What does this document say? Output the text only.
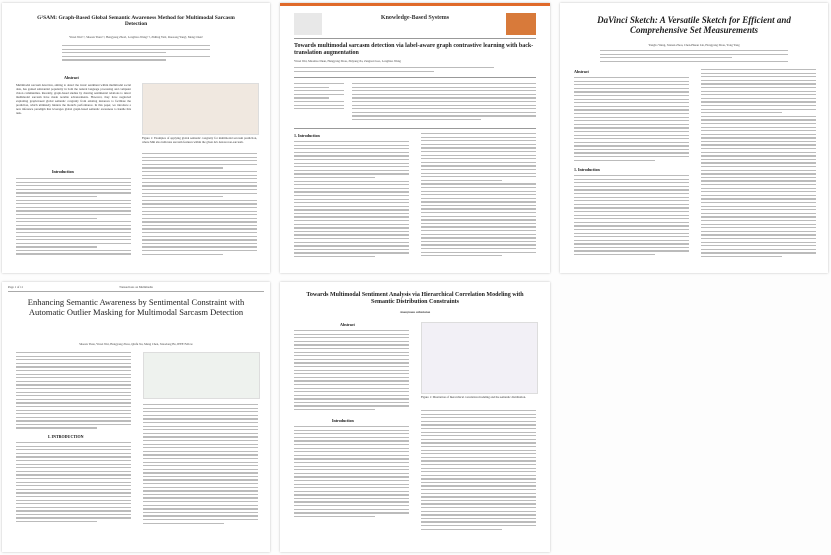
G²SAM: Graph-Based Global Semantic Awareness Method for Multimodal Sarcasm Detection
Yiwei Wei¹·², Shaozu Yuan¹·³, Hengyang Zhou¹, Longbiao Wang¹·⁴, Zhiling Yan¹, Ruosong Yang¹, Meng Chen¹
Abstract
Multimodal sarcasm detection, aiming to detect the ironic sentiment within multimodal social data, has gained substantial popularity in both the natural language processing and computer vision communities. Recently, graph-based studies by drawing sentimental relations to detect multimodal sarcasm have made notable advancements. However, they have neglected exploiting graph-based global semantic congruity from existing instances to facilitate the prediction, which ultimately hinders the model's performance. In this paper, we introduce a new inference paradigm that leverages global graph-based semantic awareness to handle this task.
Introduction
Figure 1: Examples of applying global semantic congruity for multimodal sarcasm prediction, where Mm also indicates sarcasm features within the given dev denote non-sarcasm.
Knowledge-Based Systems
Towards multimodal sarcasm detection via label-aware graph contrastive learning with back-translation augmentation
Yiwei Wei, Maomao Duan, Hengyang Zhou, Zhiyang Jia, Zengwei Gao, Longbiao Wang
1. Introduction
DaVinci Sketch: A Versatile Sketch for Efficient and Comprehensive Set Measurements
Yangbo Wang, Xianan Zhou, Chen-Hsuan Lin, Hongyang Zhou, Yong Yang
Abstract
1. Introduction
Page 1 of 11	Transactions on Multimedia
Enhancing Semantic Awareness by Sentimental Constraint with Automatic Outlier Masking for Multimodal Sarcasm Detection
Shaozu Yuan, Yiwei Wei, Hengyang Zhou, Qinfu Xu, Meng Chen, Xiaodong He, IEEE Fellow
I. INTRODUCTION
Towards Multimodal Sentiment Analysis via Hierarchical Correlation Modeling with Semantic Distribution Constraints
Anonymous submission
Abstract
Introduction
Figure 1: Illustration of hierarchical correlation modeling and the semantic distribution.
